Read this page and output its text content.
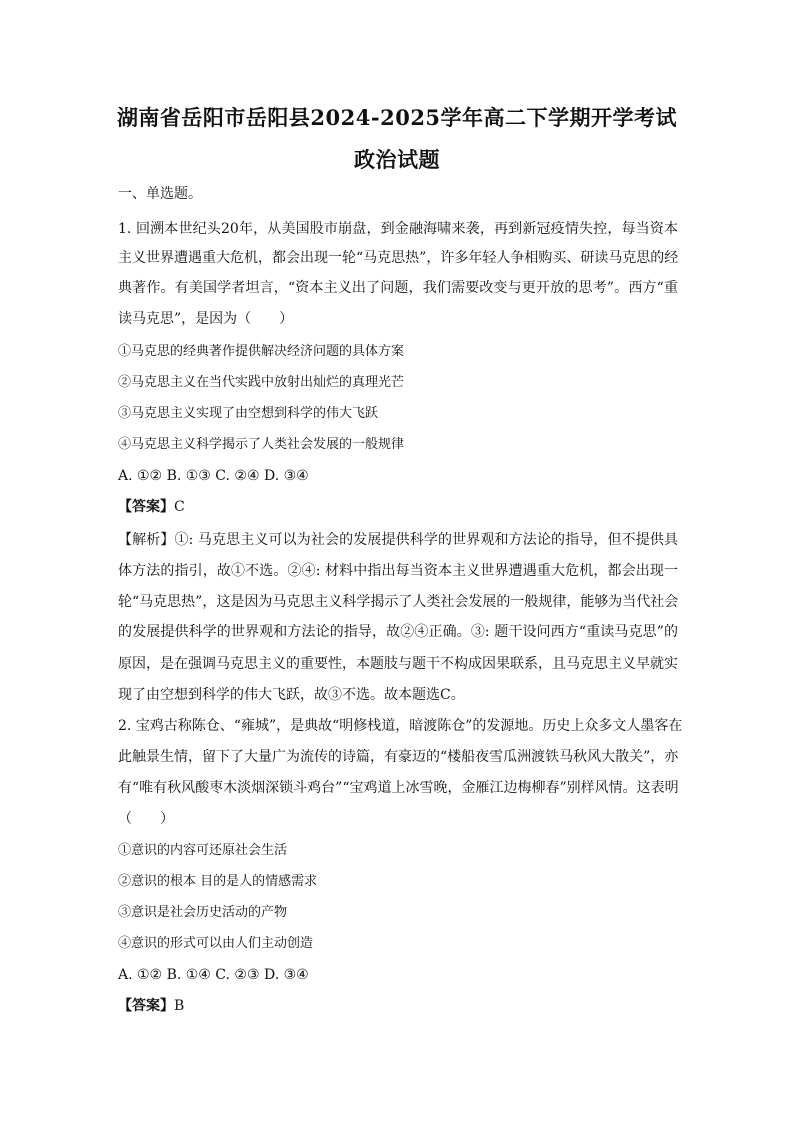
湖南省岳阳市岳阳县2024-2025学年高二下学期开学考试
政治试题
一、单选题。
1. 回溯本世纪头20年，从美国股市崩盘，到金融海啸来袭，再到新冠疫情失控，每当资本
主义世界遭遇重大危机，都会出现一轮“马克思热”，许多年轻人争相购买、研读马克思的经
典著作。有美国学者坦言，“资本主义出了问题，我们需要改变与更开放的思考”。西方“重
读马克思”，是因为（　　）
①马克思的经典著作提供解决经济问题的具体方案
②马克思主义在当代实践中放射出灿烂的真理光芒
③马克思主义实现了由空想到科学的伟大飞跃
④马克思主义科学揭示了人类社会发展的一般规律
A. ①② B. ①③ C. ②④ D. ③④
【答案】C
【解析】①: 马克思主义可以为社会的发展提供科学的世界观和方法论的指导，但不提供具
体方法的指引，故①不选。②④: 材料中指出每当资本主义世界遭遇重大危机，都会出现一
轮“马克思热”，这是因为马克思主义科学揭示了人类社会发展的一般规律，能够为当代社会
的发展提供科学的世界观和方法论的指导，故②④正确。③: 题干设问西方“重读马克思”的
原因，是在强调马克思主义的重要性，本题肢与题干不构成因果联系，且马克思主义早就实
现了由空想到科学的伟大飞跃，故③不选。故本题选C。
2. 宝鸡古称陈仓、“雍城”，是典故“明修栈道，暗渡陈仓”的发源地。历史上众多文人墨客在
此触景生情，留下了大量广为流传的诗篇，有豪迈的“楼船夜雪瓜洲渡铁马秋风大散关”，亦
有“唯有秋风酸枣木淡烟深锁斗鸡台”“宝鸡道上冰雪晚，金雁江边梅柳春”别样风情。这表明
（　　）
①意识的内容可还原社会生活
②意识的根本 目的是人的情感需求
③意识是社会历史活动的产物
④意识的形式可以由人们主动创造
A. ①② B. ①④ C. ②③ D. ③④
【答案】B
